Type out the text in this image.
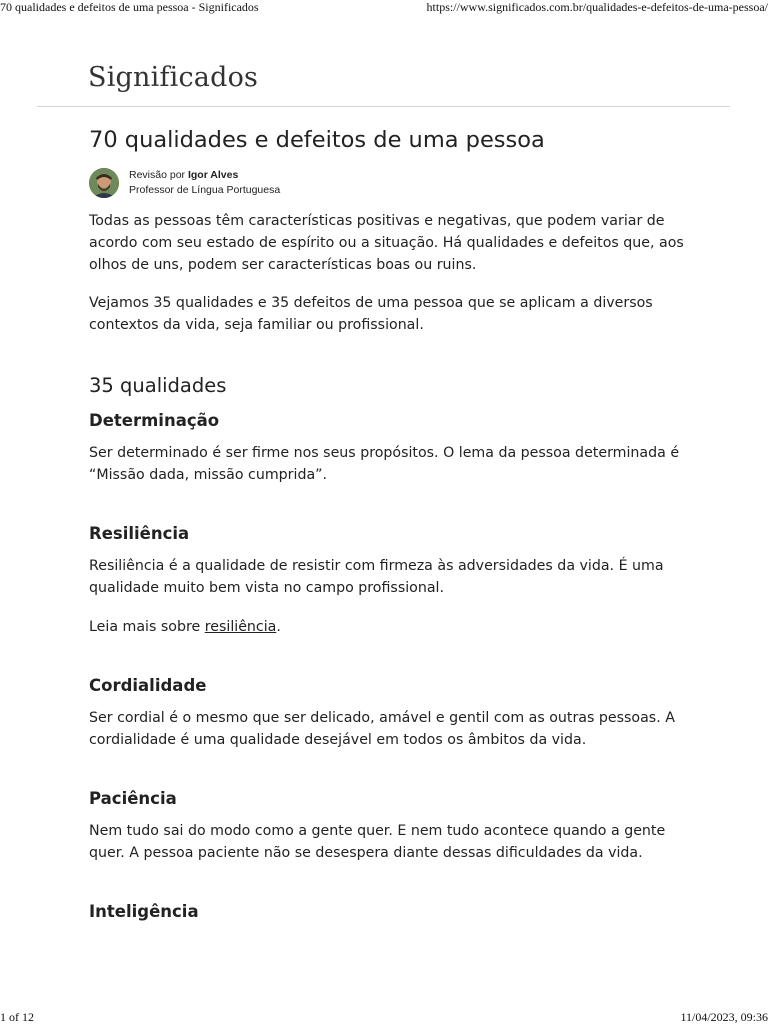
70 qualidades e defeitos de uma pessoa - Significados	https://www.significados.com.br/qualidades-e-defeitos-de-uma-pessoa/
Significados
70 qualidades e defeitos de uma pessoa
Revisão por Igor Alves
Professor de Língua Portuguesa

Todas as pessoas têm características positivas e negativas, que podem variar de acordo com seu estado de espírito ou a situação. Há qualidades e defeitos que, aos olhos de uns, podem ser características boas ou ruins.

Vejamos 35 qualidades e 35 defeitos de uma pessoa que se aplicam a diversos contextos da vida, seja familiar ou profissional.

35 qualidades
Determinação

Ser determinado é ser firme nos seus propósitos. O lema da pessoa determinada é “Missão dada, missão cumprida”.

Resiliência

Resiliência é a qualidade de resistir com firmeza às adversidades da vida. É uma qualidade muito bem vista no campo profissional.

Leia mais sobre resiliência.

Cordialidade

Ser cordial é o mesmo que ser delicado, amável e gentil com as outras pessoas. A cordialidade é uma qualidade desejável em todos os âmbitos da vida.

Paciência

Nem tudo sai do modo como a gente quer. E nem tudo acontece quando a gente quer. A pessoa paciente não se desespera diante dessas dificuldades da vida.

Inteligência
1 of 12	11/04/2023, 09:36
